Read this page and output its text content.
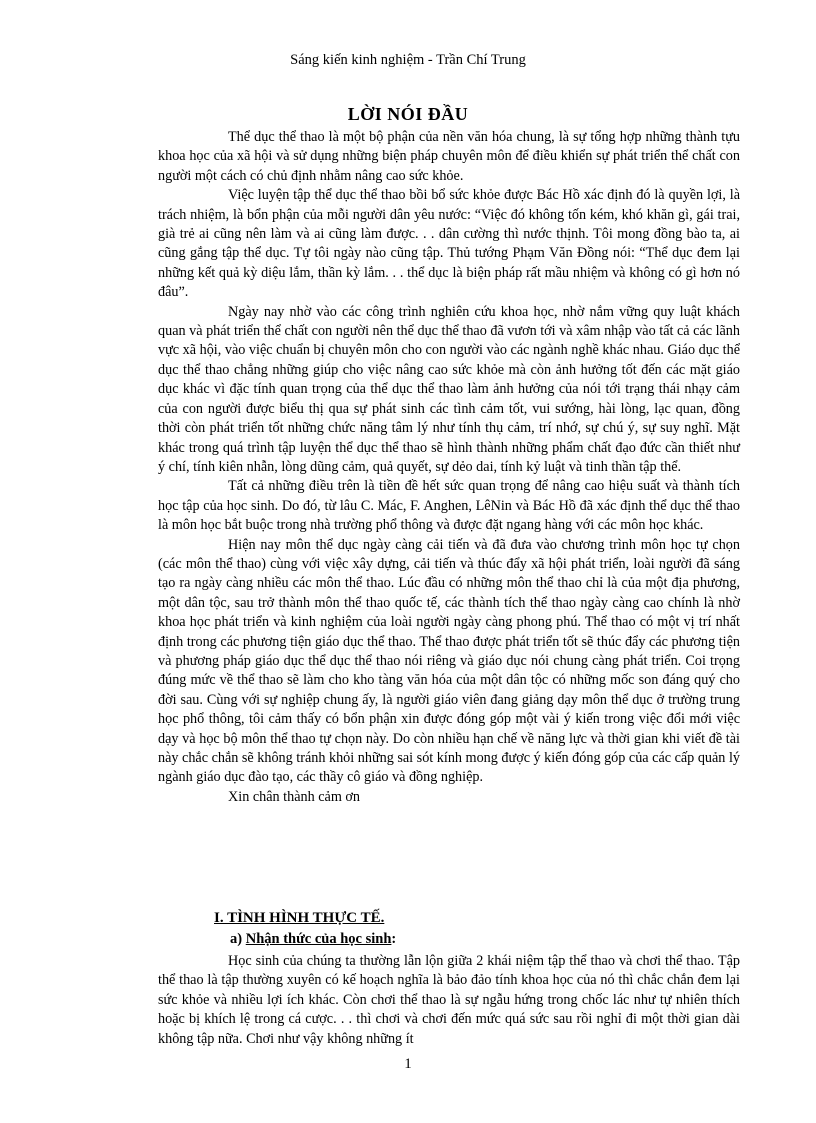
Sáng kiến kinh nghiệm - Trần Chí Trung
LỜI NÓI ĐẦU

Thể dục thể thao là một bộ phận của nền văn hóa chung, là sự tổng hợp những thành tựu khoa học của xã hội và sử dụng những biện pháp chuyên môn để điều khiển sự phát triển thể chất con người một cách có chủ định nhằm nâng cao sức khỏe.

Việc luyện tập thể dục thể thao bồi bổ sức khỏe được Bác Hồ xác định đó là quyền lợi, là trách nhiệm, là bổn phận của mỗi người dân yêu nước: “Việc đó không tốn kém, khó khăn gì, gái trai, già trẻ ai cũng nên làm và ai cũng làm được. . . dân cường thì nước thịnh. Tôi mong đồng bào ta, ai cũng gắng tập thể dục. Tự tôi ngày nào cũng tập. Thủ tướng Phạm Văn Đồng nói: “Thể dục đem lại những kết quả kỳ diệu lắm, thần kỳ lắm. . . thể dục là biện pháp rất mầu nhiệm và không có gì hơn nó đâu”.

Ngày nay nhờ vào các công trình nghiên cứu khoa học, nhờ nắm vững quy luật khách quan và phát triển thể chất con người nên thể dục thể thao đã vươn tới và xâm nhập vào tất cả các lãnh vực xã hội, vào việc chuẩn bị chuyên môn cho con người vào các ngành nghề khác nhau. Giáo dục thể dục thể thao chẳng những giúp cho việc nâng cao sức khỏe mà còn ảnh hưởng tốt đến các mặt giáo dục khác vì đặc tính quan trọng của thể dục thể thao làm ảnh hưởng của nói tới trạng thái nhạy cảm của con người được biểu thị qua sự phát sinh các tình cảm tốt, vui sướng, hài lòng, lạc quan, đồng thời còn phát triển tốt những chức năng tâm lý như tính thụ cảm, trí nhớ, sự chú ý, sự suy nghĩ. Mặt khác trong quá trình tập luyện thể dục thể thao sẽ hình thành những phẩm chất đạo đức cần thiết như ý chí, tính kiên nhẫn, lòng dũng cảm, quả quyết, sự dẻo dai, tính kỷ luật và tinh thần tập thể.

Tất cả những điều trên là tiền đề hết sức quan trọng để nâng cao hiệu suất và thành tích học tập của học sinh. Do đó, từ lâu C. Mác, F. Anghen, LêNin và Bác Hồ đã xác định thể dục thể thao là môn học bắt buộc trong nhà trường phổ thông và được đặt ngang hàng với các môn học khác.

Hiện nay môn thể dục ngày càng cải tiến và đã đưa vào chương trình môn học tự chọn (các môn thể thao) cùng với việc xây dựng, cải tiến và thúc đẩy xã hội phát triển, loài người đã sáng tạo ra ngày càng nhiều các môn thể thao. Lúc đầu có những môn thể thao chỉ là của một địa phương, một dân tộc, sau trở thành môn thể thao quốc tế, các thành tích thể thao ngày càng cao chính là nhờ khoa học phát triển và kinh nghiệm của loài người ngày càng phong phú. Thể thao có một vị trí nhất định trong các phương tiện giáo dục thể thao. Thể thao được phát triển tốt sẽ thúc đẩy các phương tiện và phương pháp giáo dục thể dục thể thao nói riêng và giáo dục nói chung càng phát triển. Coi trọng đúng mức về thể thao sẽ làm cho kho tàng văn hóa của một dân tộc có những mốc son đáng quý cho đời sau. Cùng với sự nghiệp chung ấy, là người giáo viên đang giảng dạy môn thể dục ở trường trung học phổ thông, tôi cảm thấy có bổn phận xin được đóng góp một vài ý kiến trong việc đổi mới việc dạy và học bộ môn thể thao tự chọn này. Do còn nhiều hạn chế về năng lực và thời gian khi viết đề tài này chắc chắn sẽ không tránh khỏi những sai sót kính mong được ý kiến đóng góp của các cấp quản lý ngành giáo dục đào tạo, các thầy cô giáo và đồng nghiệp.

Xin chân thành cảm ơn

I. TÌNH HÌNH THỰC TẾ.
a) Nhận thức của học sinh:

Học sinh của chúng ta thường lẫn lộn giữa 2 khái niệm tập thể thao và chơi thể thao. Tập thể thao là tập thường xuyên có kế hoạch nghĩa là bảo đảo tính khoa học của nó thì chắc chắn đem lại sức khỏe và nhiều lợi ích khác. Còn chơi thể thao là sự ngẫu hứng trong chốc lác như tự nhiên thích hoặc bị khích lệ trong cá cược. . . thì chơi và chơi đến mức quá sức sau rồi nghỉ đi một thời gian dài không tập nữa. Chơi như vậy không những ít

1
